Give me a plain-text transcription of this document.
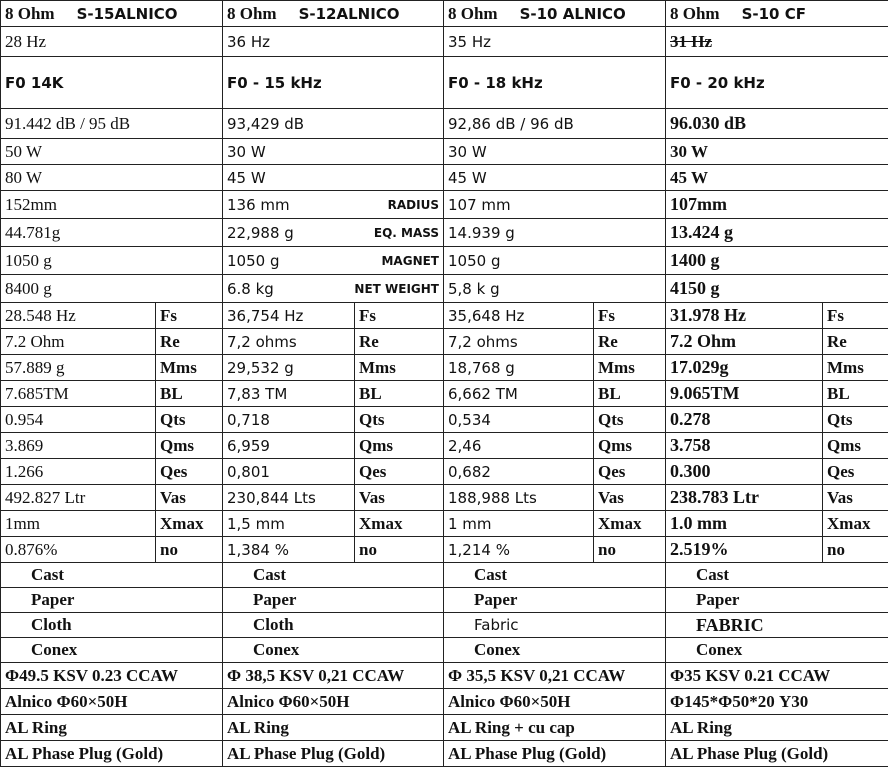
8 Ohm S-15ALNICO		8 Ohm S-12ALNICO		8 Ohm S-10 ALNICO		8 Ohm S-10 CF	

28 Hz		36 Hz		35 Hz		31 Hz	
F0 14K		F0 - 15 kHz		F0 - 18 kHz		F0 - 20 kHz	
91.442 dB / 95 dB		93,429 dB		92,86 dB / 96 dB		96.030 dB	
50 W		30 W		30 W		30 W	
80 W		45 W		45 W		45 W	
152mm		136 mm RADIUS		107 mm		107mm	
44.781g		22,988 g EQ. MASS		14.939 g		13.424 g	
1050 g		1050 g MAGNET		1050 g		1400 g	
8400 g		6.8 kg NET WEIGHT		5,8 k g		4150 g	
28.548 Hz	Fs	36,754 Hz	Fs	35,648 Hz	Fs	31.978 Hz	Fs
7.2 Ohm	Re	7,2 ohms	Re	7,2 ohms	Re	7.2 Ohm	Re
57.889 g	Mms	29,532 g	Mms	18,768 g	Mms	17.029g	Mms
7.685TM	BL	7,83 TM	BL	6,662 TM	BL	9.065TM	BL
0.954	Qts	0,718	Qts	0,534	Qts	0.278	Qts
3.869	Qms	6,959	Qms	2,46	Qms	3.758	Qms
1.266	Qes	0,801	Qes	0,682	Qes	0.300	Qes
492.827 Ltr	Vas	230,844 Lts	Vas	188,988 Lts	Vas	238.783 Ltr	Vas
1mm	Xmax	1,5 mm	Xmax	1 mm	Xmax	1.0 mm	Xmax
0.876%	no	1,384 %	no	1,214 %	no	2.519%	no
Cast		Cast		Cast		Cast	
Paper		Paper		Paper		Paper	
Cloth		Cloth		Fabric		FABRIC	
Conex		Conex		Conex		Conex	
Φ49.5 KSV 0.23 CCAW		Φ 38,5 KSV 0,21 CCAW		Φ 35,5 KSV 0,21 CCAW		Φ35 KSV 0.21 CCAW	
Alnico Φ60×50H		Alnico Φ60×50H		Alnico Φ60×50H		Φ145*Φ50*20 Y30	
AL Ring		AL Ring		AL Ring + cu cap		AL Ring	
AL Phase Plug (Gold)		AL Phase Plug (Gold)		AL Phase Plug (Gold)		AL Phase Plug (Gold)	
